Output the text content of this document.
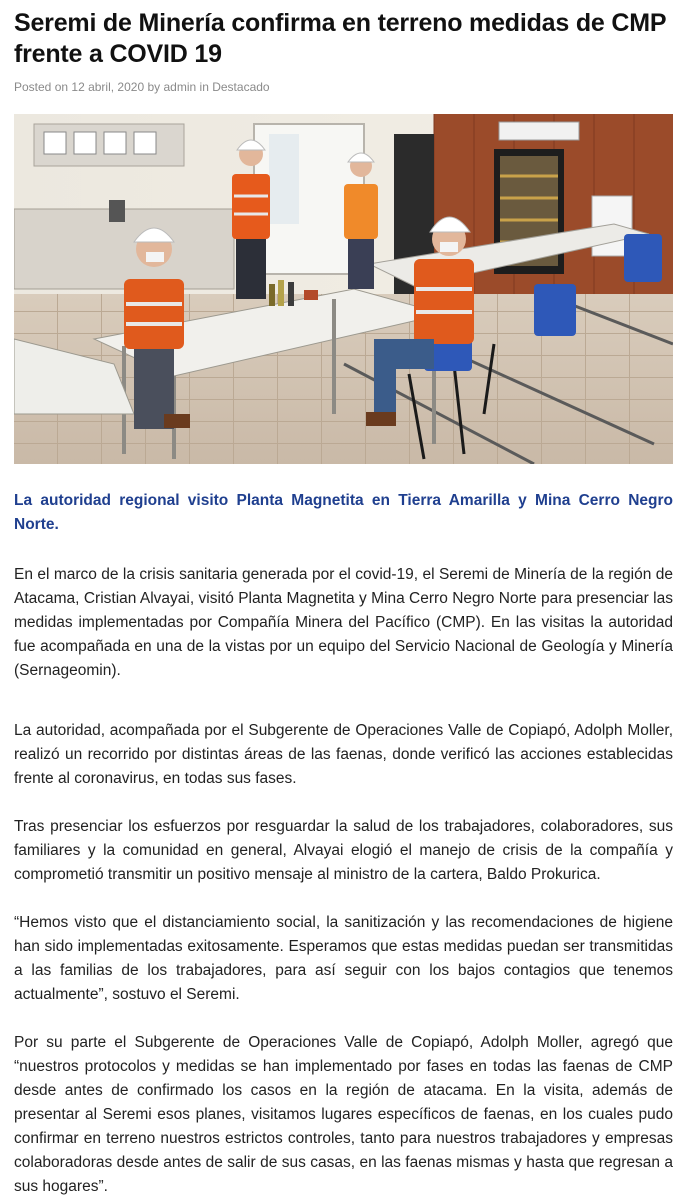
Seremi de Minería confirma en terreno medidas de CMP frente a COVID 19
Posted on 12 abril, 2020 by admin in Destacado

La autoridad regional visito Planta Magnetita en Tierra Amarilla y Mina Cerro Negro Norte.

En el marco de la crisis sanitaria generada por el covid-19, el Seremi de Minería de la región de Atacama, Cristian Alvayai, visitó Planta Magnetita y Mina Cerro Negro Norte para presenciar las medidas implementadas por Compañía Minera del Pacífico (CMP). En las visitas la autoridad fue acompañada en una de la vistas por un equipo del Servicio Nacional de Geología y Minería (Sernageomin).

La autoridad, acompañada por el Subgerente de Operaciones Valle de Copiapó, Adolph Moller, realizó un recorrido por distintas áreas de las faenas, donde verificó las acciones establecidas frente al coronavirus, en todas sus fases.

Tras presenciar los esfuerzos por resguardar la salud de los trabajadores, colaboradores, sus familiares y la comunidad en general, Alvayai elogió el manejo de crisis de la compañía y comprometió transmitir un positivo mensaje al ministro de la cartera, Baldo Prokurica.

“Hemos visto que el distanciamiento social, la sanitización y las recomendaciones de higiene han sido implementadas exitosamente. Esperamos que estas medidas puedan ser transmitidas a las familias de los trabajadores, para así seguir con los bajos contagios que tenemos actualmente”, sostuvo el Seremi.

Por su parte el Subgerente de Operaciones Valle de Copiapó, Adolph Moller, agregó que “nuestros protocolos y medidas se han implementado por fases en todas las faenas de CMP desde antes de confirmado los casos en la región de atacama. En la visita, además de presentar al Seremi esos planes, visitamos lugares específicos de faenas, en los cuales pudo confirmar en terreno nuestros estrictos controles, tanto para nuestros trabajadores y empresas colaboradoras desde antes de salir de sus casas, en las faenas mismas y hasta que regresan a sus hogares”.
